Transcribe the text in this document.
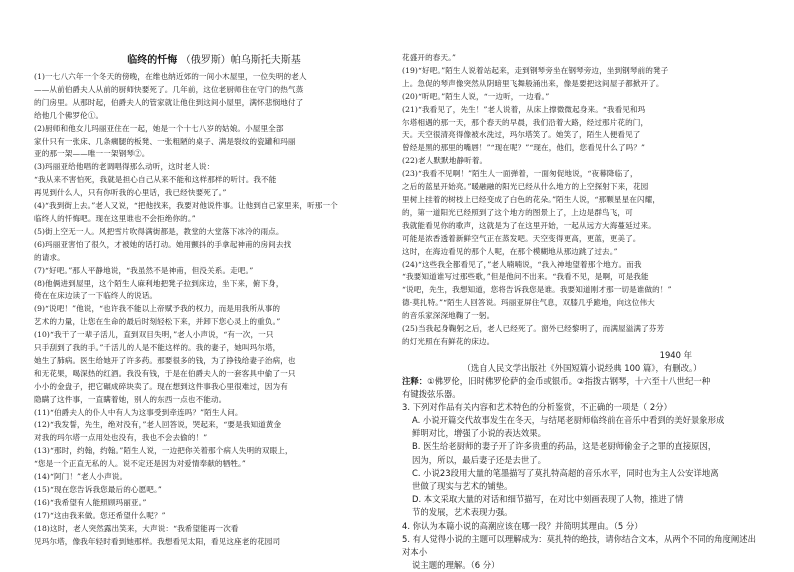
临终的忏悔 （俄罗斯）帕乌斯托夫斯基

(1)一七八六年一个冬天的傍晚，在维也纳近郊的一间小木屋里，一位失明的老人

——从前伯爵夫人从前的厨师快要死了。几年前，这位老厨师住在守门的热气蒸

的门房里。从那时起，伯爵夫人的管家就让他住到这间小屋里，满怀悲悯地付了

给他几个佛罗伦①。

(2)厨师和他女儿玛丽亚住在一起，她是一个十七八岁的姑娘。小屋里全部

家什只有一张床、几条瘸腿的板凳、一张粗陋的桌子、满是裂纹的瓷罐和玛丽

亚的那一架——唯一一架钢琴②。

(3)玛丽亚给他唱的老调唱得那么动听，这时老人说：

“我从来不害怕死，我就是担心自己从来不能和这样那样的听讨。我不能

再见到什么人，只有你听我的心里话，我已经快要死了。”

(4)“我到街上去。”老人又说，“把他找来，我要对他说件事。让他到自己家里来，听那一个

临终人的忏悔吧。现在这里谁也不会拒绝你的。”

(5)街上空无一人。风把雪片吹得满街都是，教堂的大堂落下冰冷的雨点。

(6)玛丽亚害怕了很久，才被她的话打动。她用颤抖的手拿起神甫的房间去找

的请求。

(7)“好吧。”那人平静地说，“我虽然不是神甫，但没关系。走吧。”

(8)他俩进到屋里，这个陌生人麻利地把凳子拉到床边，坐下来，俯下身，

倚在在床边读了一下临终人的说话。

(9)“说吧！”他说，“也许我不能以上帝赋予我的权力，而是用我所从事的

艺术的力量，让您在生命的最后时刻轻松下来，并卸下您心灵上的重负。”

(10)“我干了一辈子活儿，直到双目失明，”老人小声说，“有一次，一只

只手刮到了我的手。”千活儿的人是不能这样的。我的妻子，她叫玛尔塔，

她生了肺病。医生给她开了许多药。那要很多的钱，为了挣钱给妻子治病，也

和无花果，喝深热的红酒。我没有钱，于是在伯爵夫人的一套客具中偷了一只

小小的金盘子，把它碾成碎块卖了。现在想到这件事我心里很难过，因为有

隐瞒了这件事，一直瞒着她，别人的东西一点也不能动。

(11)“伯爵夫人的仆人中有人为这事受到牵连吗？”陌生人问。

(12)“我发誓，先生，绝对没有，”老人回答说，哭起来，“要是我知道黄金

对我的玛尔塔一点用处也没有，我也不会去偷的！”

(13)“那时，约翰，约翰。”陌生人说，一边把你关着那个病人失明的双眼上，

“您是一个正直无私的人。说不定还是因为对爱情奉献的牺牲。”

(14)“阿门！”老人小声说。

(15)“现在您告诉我您最后的心愿吧。”

(16)“我希望有人能照顾玛丽亚。”

(17)“这由我来做。您还希望什么呢？”

(18)这时，老人突然露出笑来，大声说：“我希望能再一次看

见玛尔塔，像我年轻时看到她那样。我想看见太阳，看见这座老的花园司

花盛开的春天。”

(19)“好吧。”陌生人说着站起来，走到钢琴旁坐在钢琴旁边，坐到钢琴前的凳子

上。急促的琴声像突然从阴暗里飞舞般涌出来，像是要把这间屋子都掀开了。

(20)“听吧。”陌生人说，“一边听，一边看。”

(21)“我看见了，先生！”老人说着，从床上撑微微起身来。“我看见和玛

尔塔相遇的那一天，那个春天的早晨，我们沿着大路，经过那片花的门，

天。天空很清亮得像被水洗过，玛尔塔笑了。她笑了，陌生人便看见了

曾经是黑的那里的嘴唇！”“现在呢？”“现在，他们，您看见什么了吗？”

(22)老人默默地静听着。

(23)“我看不见啊！”陌生人一面弹着，一面匆促地说，“夜幕降临了，

之后的蓝星开始亮。”暖融融的阳光已经从什么地方的上空探射下来，花园

里树上挂着的树枝上已经变成了白色的花朵。”陌生人说，“那颗星星在闪耀，

的，第一道阳光已经照到了这个地方的图景上了，上边是群鸟飞，可

我就能看见你的歌声，这就是为了在这里开始，一起从远方大海蔓延过来。

可能是浓香透着新鲜空气正在蒸发吧。天空变得更高，更蓝，更美了。

这时，在海边看见的那个人呢，在那个模糊地从那边跳了过去。”

(24)“这些我全都看见了，”老人喃喃说，“我入神地望着那个地方。而我

“我要知道谁写过那些歌，”但是他问不出来。“我看不见，是啊，可是我能

“说吧，先生，我想知道，您将告诉我您是谁。我要知道刚才那一切是谁做的！”

德·莫扎特。”“陌生人回答说。玛丽亚屏住气息，双膝几乎跪地，向这位伟大

的音乐家深深地鞠了一躬。

(25)当我起身鞠躬之后，老人已经死了。窗外已经黎明了，而满屋溢满了芬芳

的灯光照在有鲜花的床边。

1940 年

（选自人民文学出版社《外国短篇小说经典 100 篇》，有删改。）

注释：①佛罗伦，旧时佛罗伦萨的金币或银币。②指拨古钢琴，十六至十八世纪一种

有键拨弦乐器。

3. 下列对作品有关内容和艺术特色的分析鉴赏，不正确的一项是（ 2分）

A. 小说开篇交代故事发生在冬天，与结尾老厨师临终前在音乐中看到的美好景象形成

鲜明对比，增强了小说的表达效果。

B. 医生给老厨师的妻子开了许多贵重的药品，这是老厨师偷金子之罪的直接原因，

因为，所以，最后妻子还是去世了。

C. 小说23段用大量的笔墨描写了莫扎特高超的音乐水平，同时也为主人公安详地离

世做了现实与艺术的铺垫。

D. 本文采取大量的对话和细节描写，在对比中刻画表现了人物，推进了情

节的发展，艺术表现力强。

4. 你认为本篇小说的高潮应该在哪一段？并简明其理由。（5 分）

5. 有人觉得小说的主题可以理解成为：莫扎特的绝技，请你结合文本，从两个不同的角度阐述出对本小

说主题的理解。（6 分）
